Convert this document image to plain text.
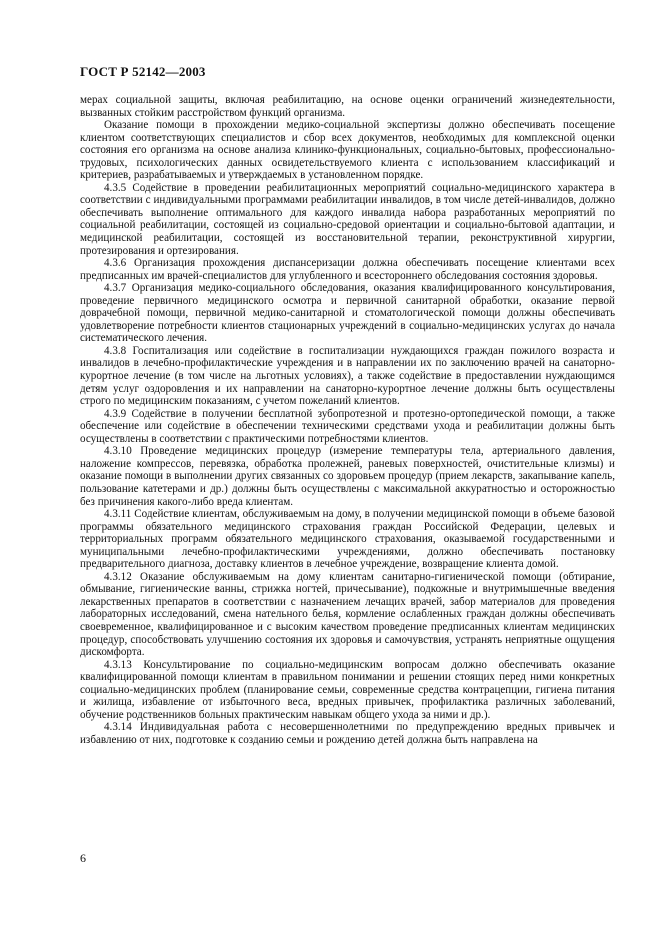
ГОСТ Р 52142—2003

мерах социальной защиты, включая реабилитацию, на основе оценки ограничений жизнедеятельности, вызванных стойким расстройством функций организма.

Оказание помощи в прохождении медико-социальной экспертизы должно обеспечивать посещение клиентом соответствующих специалистов и сбор всех документов, необходимых для комплексной оценки состояния его организма на основе анализа клинико-функциональных, социально-бытовых, профессионально-трудовых, психологических данных освидетельствуемого клиента с использованием классификаций и критериев, разрабатываемых и утверждаемых в установленном порядке.

4.3.5 Содействие в проведении реабилитационных мероприятий социально-медицинского характера в соответствии с индивидуальными программами реабилитации инвалидов, в том числе детей-инвалидов, должно обеспечивать выполнение оптимального для каждого инвалида набора разработанных мероприятий по социальной реабилитации, состоящей из социально-средовой ориентации и социально-бытовой адаптации, и медицинской реабилитации, состоящей из восстановительной терапии, реконструктивной хирургии, протезирования и ортезирования.

4.3.6 Организация прохождения диспансеризации должна обеспечивать посещение клиентами всех предписанных им врачей-специалистов для углубленного и всестороннего обследования состояния здоровья.

4.3.7 Организация медико-социального обследования, оказания квалифицированного консультирования, проведение первичного медицинского осмотра и первичной санитарной обработки, оказание первой доврачебной помощи, первичной медико-санитарной и стоматологической помощи должны обеспечивать удовлетворение потребности клиентов стационарных учреждений в социально-медицинских услугах до начала систематического лечения.

4.3.8 Госпитализация или содействие в госпитализации нуждающихся граждан пожилого возраста и инвалидов в лечебно-профилактические учреждения и в направлении их по заключению врачей на санаторно-курортное лечение (в том числе на льготных условиях), а также содействие в предоставлении нуждающимся детям услуг оздоровления и их направлении на санаторно-курортное лечение должны быть осуществлены строго по медицинским показаниям, с учетом пожеланий клиентов.

4.3.9 Содействие в получении бесплатной зубопротезной и протезно-ортопедической помощи, а также обеспечение или содействие в обеспечении техническими средствами ухода и реабилитации должны быть осуществлены в соответствии с практическими потребностями клиентов.

4.3.10 Проведение медицинских процедур (измерение температуры тела, артериального давления, наложение компрессов, перевязка, обработка пролежней, раневых поверхностей, очистительные клизмы) и оказание помощи в выполнении других связанных со здоровьем процедур (прием лекарств, закапывание капель, пользование катетерами и др.) должны быть осуществлены с максимальной аккуратностью и осторожностью без причинения какого-либо вреда клиентам.

4.3.11 Содействие клиентам, обслуживаемым на дому, в получении медицинской помощи в объеме базовой программы обязательного медицинского страхования граждан Российской Федерации, целевых и территориальных программ обязательного медицинского страхования, оказываемой государственными и муниципальными лечебно-профилактическими учреждениями, должно обеспечивать постановку предварительного диагноза, доставку клиентов в лечебное учреждение, возвращение клиента домой.

4.3.12 Оказание обслуживаемым на дому клиентам санитарно-гигиенической помощи (обтирание, обмывание, гигиенические ванны, стрижка ногтей, причесывание), подкожные и внутримышечные введения лекарственных препаратов в соответствии с назначением лечащих врачей, забор материалов для проведения лабораторных исследований, смена нательного белья, кормление ослабленных граждан должны обеспечивать своевременное, квалифицированное и с высоким качеством проведение предписанных клиентам медицинских процедур, способствовать улучшению состояния их здоровья и самочувствия, устранять неприятные ощущения дискомфорта.

4.3.13 Консультирование по социально-медицинским вопросам должно обеспечивать оказание квалифицированной помощи клиентам в правильном понимании и решении стоящих перед ними конкретных социально-медицинских проблем (планирование семьи, современные средства контрацепции, гигиена питания и жилища, избавление от избыточного веса, вредных привычек, профилактика различных заболеваний, обучение родственников больных практическим навыкам общего ухода за ними и др.).

4.3.14 Индивидуальная работа с несовершеннолетними по предупреждению вредных привычек и избавлению от них, подготовке к созданию семьи и рождению детей должна быть направлена на

6
